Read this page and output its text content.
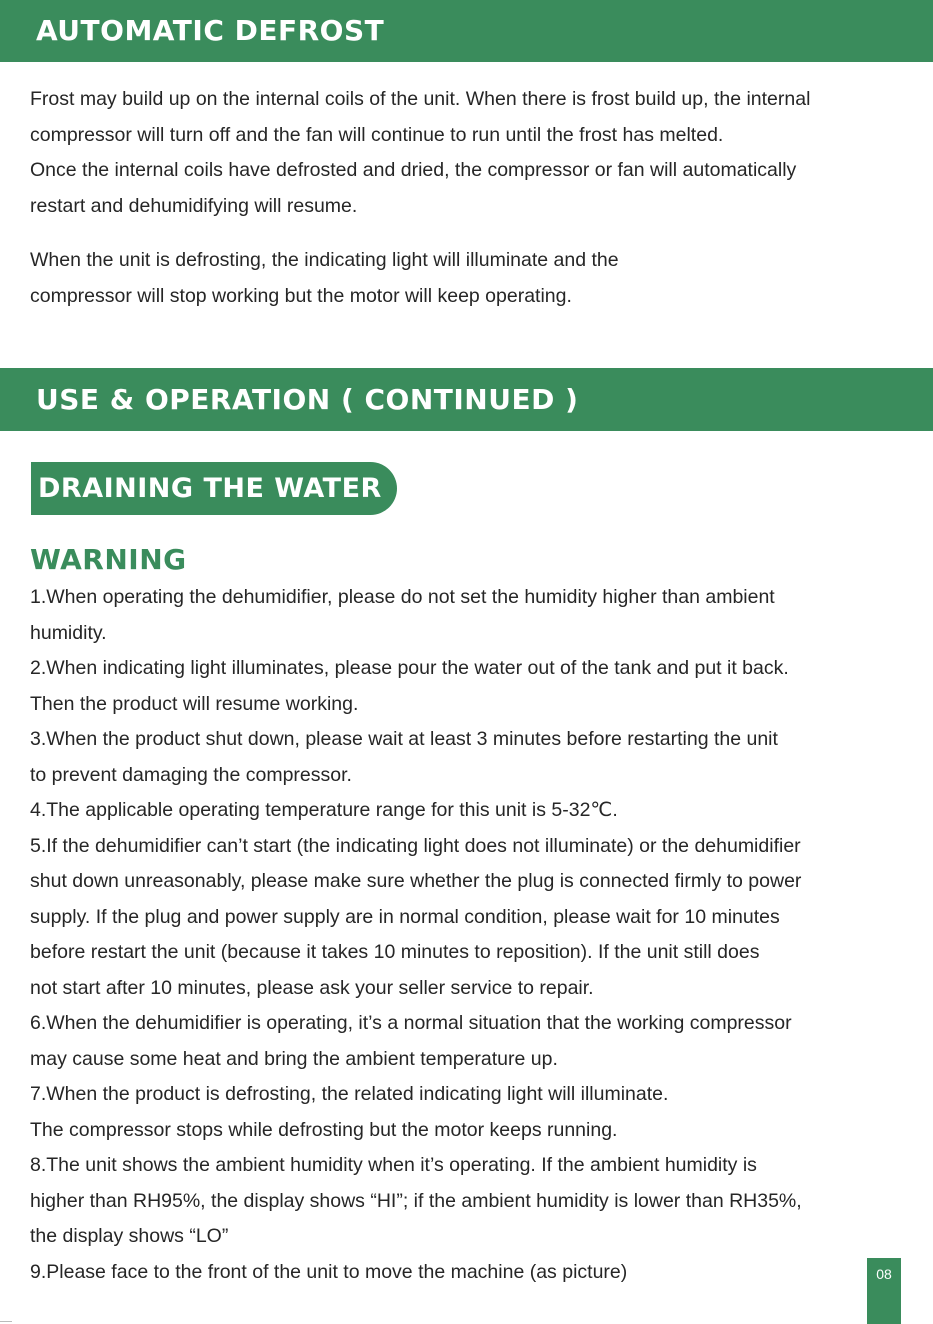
AUTOMATIC DEFROST

Frost may build up on the internal coils of the unit. When there is frost build up, the internal
compressor will turn off and the fan will continue to run until the frost has melted.
Once the internal coils have defrosted and dried, the compressor or fan will automatically
restart and dehumidifying will resume.

When the unit is defrosting, the indicating light will illuminate and the
compressor will stop working but the motor will keep operating.

USE & OPERATION ( CONTINUED )
DRAINING THE WATER
WARNING
1.When operating the dehumidifier, please do not set the humidity higher than ambient
humidity.
2.When indicating light illuminates, please pour the water out of the tank and put it back.
Then the product will resume working.
3.When the product shut down, please wait at least 3 minutes before restarting the unit
to prevent damaging the compressor.
4.The applicable operating temperature range for this unit is 5-32℃.
5.If the dehumidifier can’t start (the indicating light does not illuminate) or the dehumidifier
shut down unreasonably, please make sure whether the plug is connected firmly to power
supply. If the plug and power supply are in normal condition, please wait for 10 minutes
before restart the unit (because it takes 10 minutes to reposition). If the unit still does
not start after 10 minutes, please ask your seller service to repair.
6.When the dehumidifier is operating, it’s a normal situation that the working compressor
may cause some heat and bring the ambient temperature up.
7.When the product is defrosting, the related indicating light will illuminate.
The compressor stops while defrosting but the motor keeps running.
8.The unit shows the ambient humidity when it’s operating. If the ambient humidity is
higher than RH95%, the display shows “HI”; if the ambient humidity is lower than RH35%,
the display shows “LO”
9.Please face to the front of the unit to move the machine (as picture)	08
